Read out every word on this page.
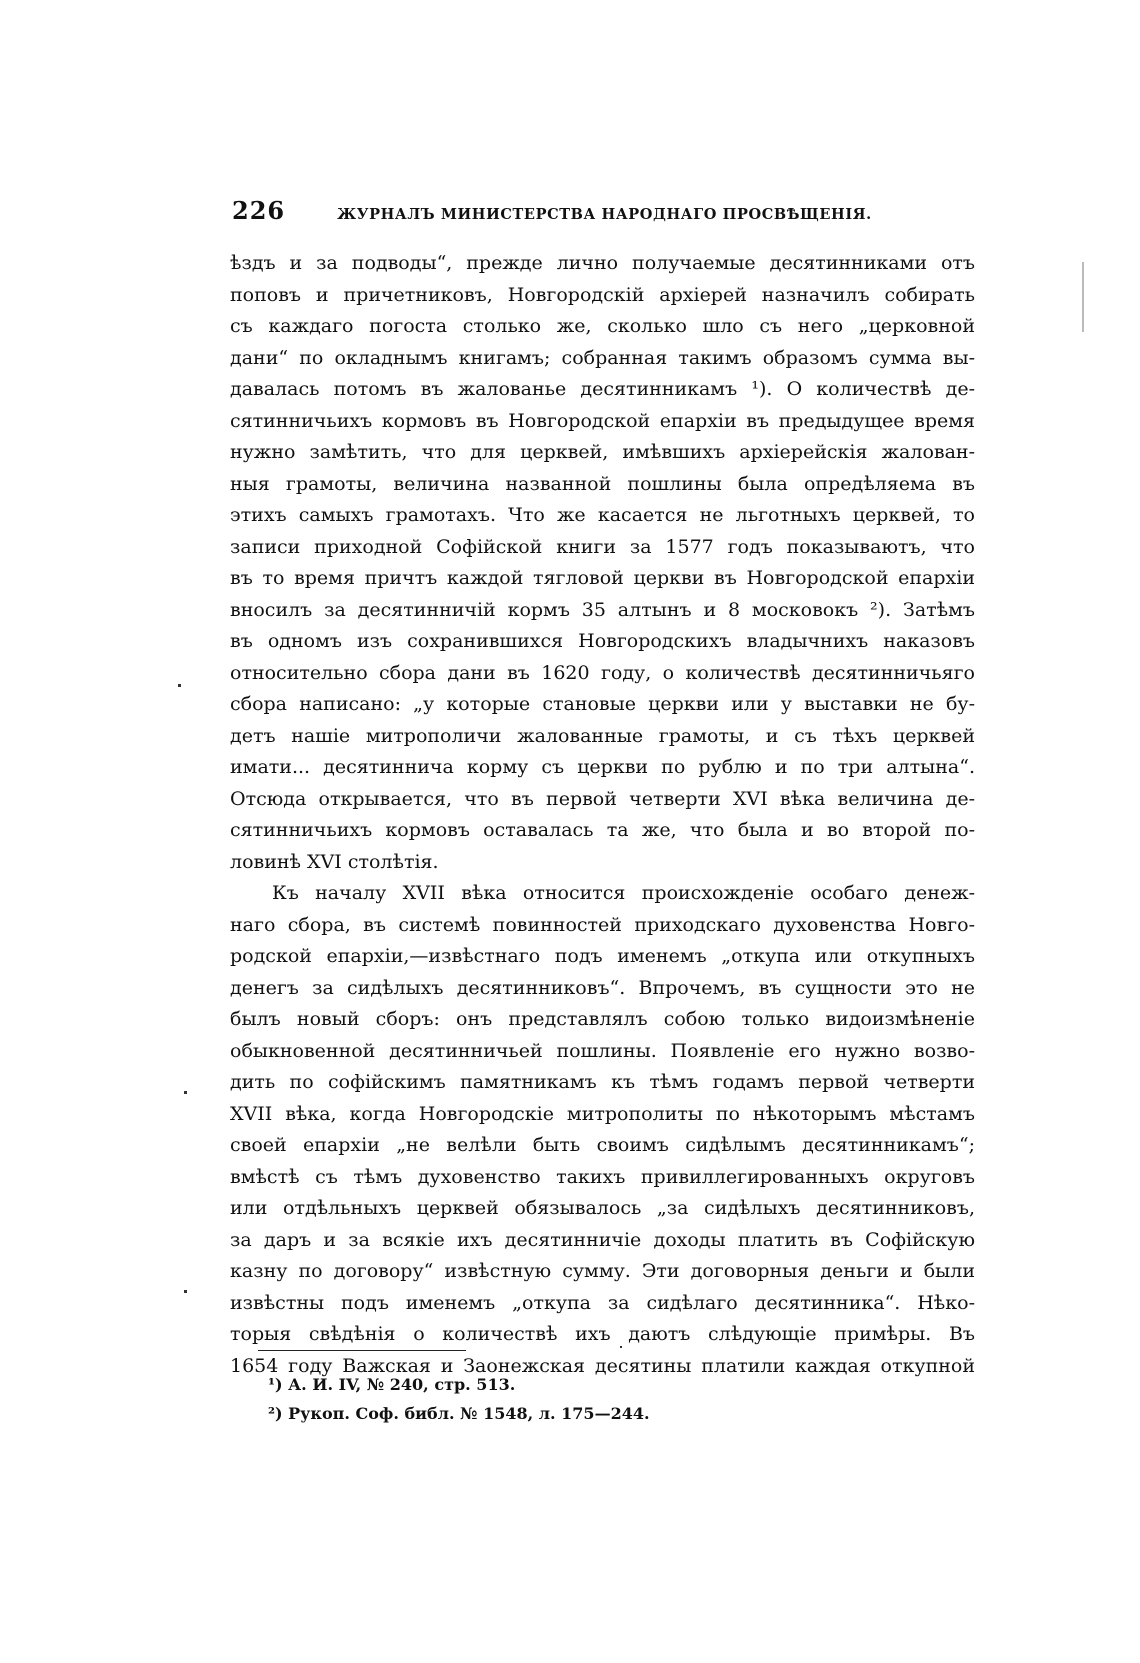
226	ЖУРНАЛЪ МИНИСТЕРСТВА НАРОДНАГО ПРОСВѢЩЕНІЯ.
ѣздъ и за подводы“, прежде лично получаемые десятинниками отъ
поповъ и причетниковъ, Новгородскій архіерей назначилъ собирать
съ каждаго погоста столько же, сколько шло съ него „церковной
дани“ по окладнымъ книгамъ; собранная такимъ образомъ сумма вы-
давалась потомъ въ жалованье десятинникамъ ¹). О количествѣ де-
сятинничьихъ кормовъ въ Новгородской епархіи въ предыдущее время
нужно замѣтить, что для церквей, имѣвшихъ архіерейскія жалован-
ныя грамоты, величина названной пошлины была опредѣляема въ
этихъ самыхъ грамотахъ. Что же касается не льготныхъ церквей, то
записи приходной Софійской книги за 1577 годъ показываютъ, что
въ то время причтъ каждой тягловой церкви въ Новгородской епархіи
вносилъ за десятинничій кормъ 35 алтынъ и 8 московокъ ²). Затѣмъ
въ одномъ изъ сохранившихся Новгородскихъ владычнихъ наказовъ
относительно сбора дани въ 1620 году, о количествѣ десятинничьяго
сбора написано: „у которые становые церкви или у выставки не бу-
детъ нашіе митрополичи жалованные грамоты, и съ тѣхъ церквей
имати... десятиннича корму съ церкви по рублю и по три алтына“.
Отсюда открывается, что въ первой четверти XVI вѣка величина де-
сятинничьихъ кормовъ оставалась та же, что была и во второй по-
ловинѣ XVI столѣтія.
Къ началу XVII вѣка относится происхожденіе особаго денеж-
наго сбора, въ системѣ повинностей приходскаго духовенства Новго-
родской епархіи,—извѣстнаго подъ именемъ „откупа или откупныхъ
денегъ за сидѣлыхъ десятинниковъ“. Впрочемъ, въ сущности это не
былъ новый сборъ: онъ представлялъ собою только видоизмѣненіе
обыкновенной десятинничьей пошлины. Появленіе его нужно возво-
дить по софійскимъ памятникамъ къ тѣмъ годамъ первой четверти
XVII вѣка, когда Новгородскіе митрополиты по нѣкоторымъ мѣстамъ
своей епархіи „не велѣли быть своимъ сидѣлымъ десятинникамъ“;
вмѣстѣ съ тѣмъ духовенство такихъ привиллегированныхъ округовъ
или отдѣльныхъ церквей обязывалось „за сидѣлыхъ десятинниковъ,
за даръ и за всякіе ихъ десятинничіе доходы платить въ Софійскую
казну по договору“ извѣстную сумму. Эти договорныя деньги и были
извѣстны подъ именемъ „откупа за сидѣлаго десятинника“. Нѣко-
торыя свѣдѣнія о количествѣ ихъ даютъ слѣдующіе примѣры. Въ
1654 году Важская и Заонежская десятины платили каждая откупной
¹) А. И. IV, № 240, стр. 513.
²) Рукоп. Соф. библ. № 1548, л. 175—244.
